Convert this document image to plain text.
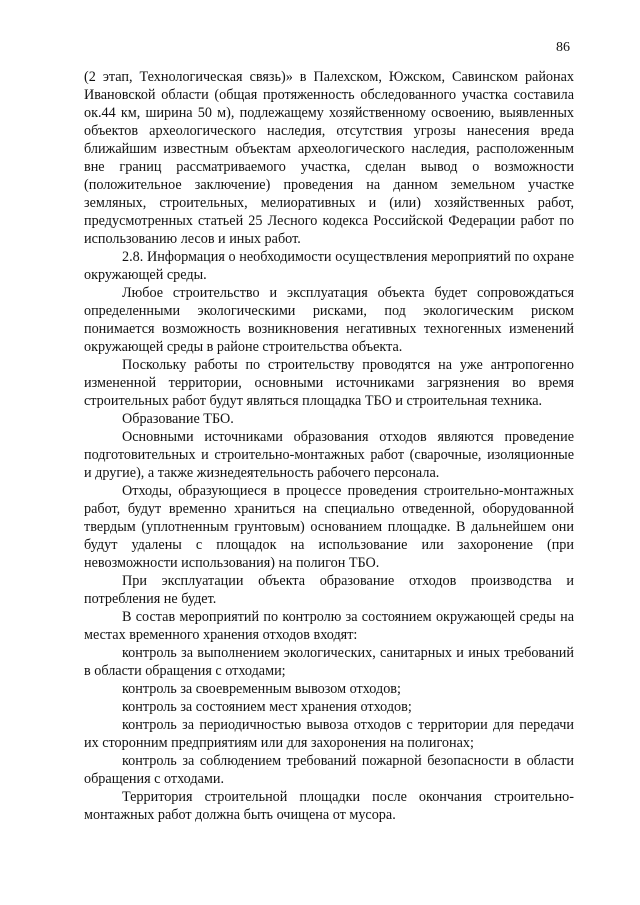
86

(2 этап, Технологическая связь)» в Палехском, Южском, Савинском районах Ивановской области (общая протяженность обследованного участка составила ок.44 км, ширина 50 м), подлежащему хозяйственному освоению, выявленных объектов археологического наследия, отсутствия угрозы нанесения вреда ближайшим известным объектам археологического наследия, расположенным вне границ рассматриваемого участка, сделан вывод о возможности (положительное заключение) проведения на данном земельном участке земляных, строительных, мелиоративных и (или) хозяйственных работ, предусмотренных статьей 25 Лесного кодекса Российской Федерации работ по использованию лесов и иных работ.

2.8. Информация о необходимости осуществления мероприятий по охране окружающей среды.

Любое строительство и эксплуатация объекта будет сопровождаться определенными экологическими рисками, под экологическим риском понимается возможность возникновения негативных техногенных изменений окружающей среды в районе строительства объекта.

Поскольку работы по строительству проводятся на уже антропогенно измененной территории, основными источниками загрязнения во время строительных работ будут являться площадка ТБО и строительная техника.

Образование ТБО.

Основными источниками образования отходов являются проведение подготовительных и строительно-монтажных работ (сварочные, изоляционные и другие), а также жизнедеятельность рабочего персонала.

Отходы, образующиеся в процессе проведения строительно-монтажных работ, будут временно храниться на специально отведенной, оборудованной твердым (уплотненным грунтовым) основанием площадке. В дальнейшем они будут удалены с площадок на использование или захоронение (при невозможности использования) на полигон ТБО.

При эксплуатации объекта образование отходов производства и потребления не будет.

В состав мероприятий по контролю за состоянием окружающей среды на местах временного хранения отходов входят:

контроль за выполнением экологических, санитарных и иных требований в области обращения с отходами;

контроль за своевременным вывозом отходов;

контроль за состоянием мест хранения отходов;

контроль за периодичностью вывоза отходов с территории для передачи их сторонним предприятиям или для захоронения на полигонах;

контроль за соблюдением требований пожарной безопасности в области обращения с отходами.

Территория строительной площадки после окончания строительно-монтажных работ должна быть очищена от мусора.
